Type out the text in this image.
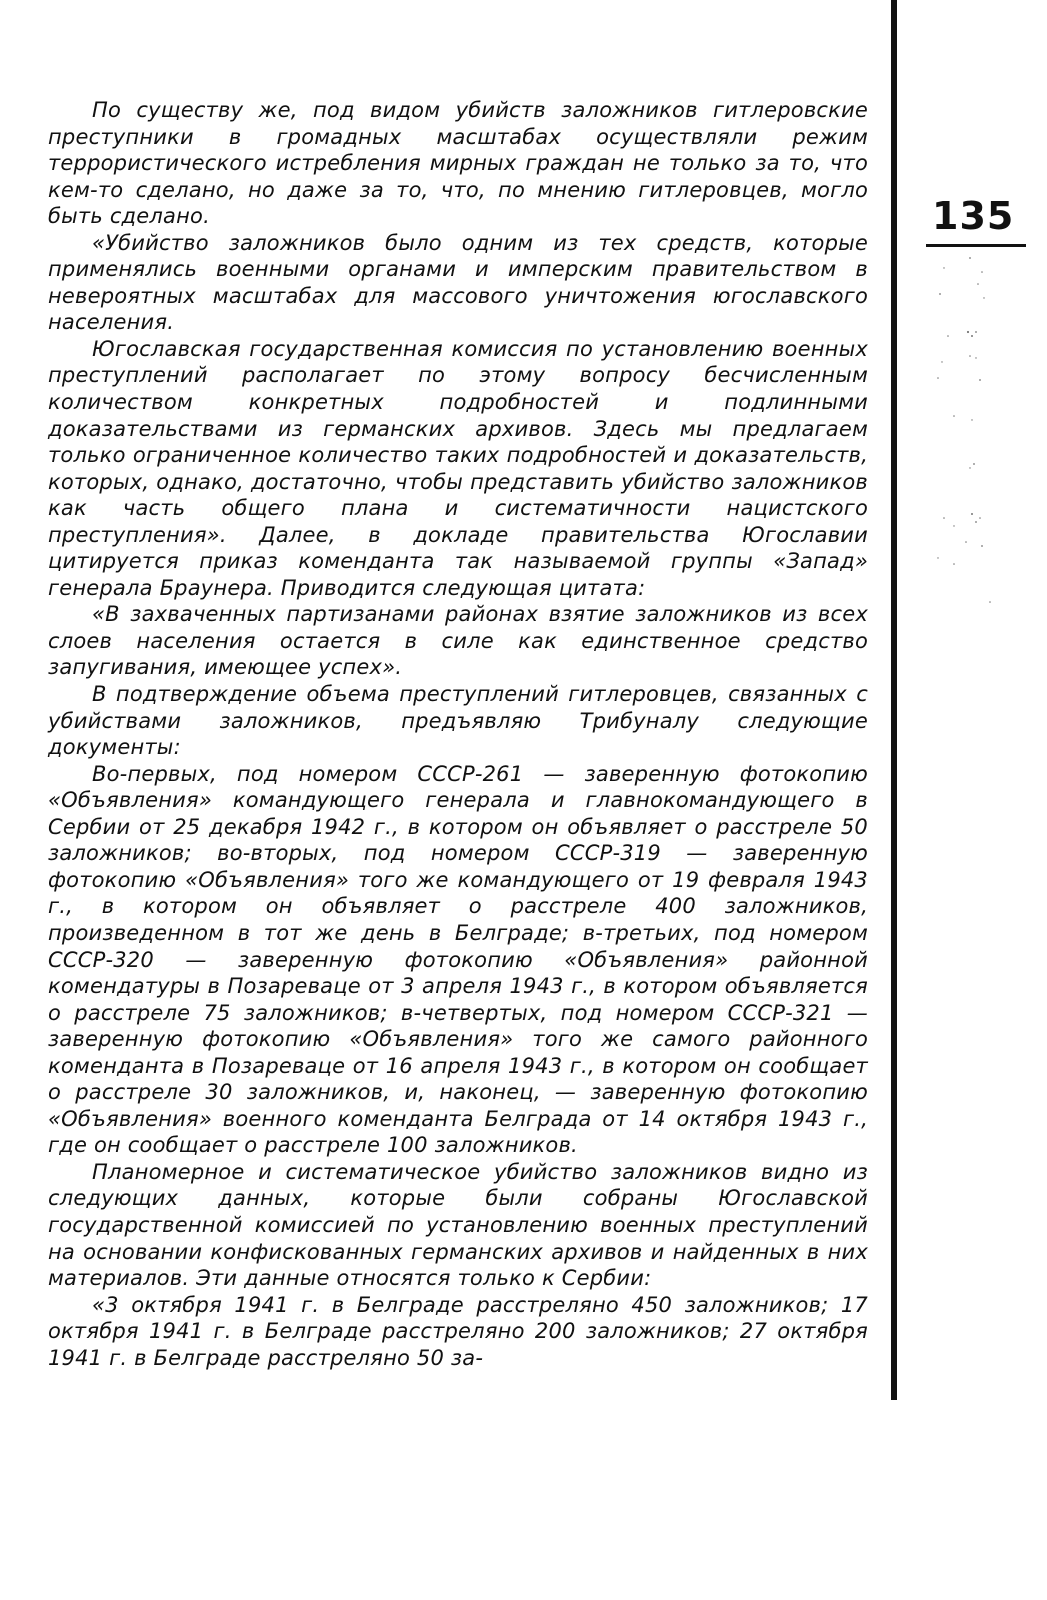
135

По существу же, под видом убийств заложников гитлеровские преступники в громадных масштабах осуществляли режим террористического истребления мирных граждан не только за то, что кем-то сделано, но даже за то, что, по мнению гитлеровцев, могло быть сделано.

«Убийство заложников было одним из тех средств, которые применялись военными органами и имперским правительством в невероятных масштабах для массового уничтожения югославского населения.

Югославская государственная комиссия по установлению военных преступлений располагает по этому вопросу бесчисленным количеством конкретных подробностей и подлинными доказательствами из германских архивов. Здесь мы предлагаем только ограниченное количество таких подробностей и доказательств, которых, однако, достаточно, чтобы представить убийство заложников как часть общего плана и систематичности нацистского преступления». Далее, в докладе правительства Югославии цитируется приказ коменданта так называемой группы «Запад» генерала Браунера. Приводится следующая цитата:

«В захваченных партизанами районах взятие заложников из всех слоев населения остается в силе как единственное средство запугивания, имеющее успех».

В подтверждение объема преступлений гитлеровцев, связанных с убийствами заложников, предъявляю Трибуналу следующие документы:

Во-первых, под номером СССР-261 — заверенную фотокопию «Объявления» командующего генерала и главнокомандующего в Сербии от 25 декабря 1942 г., в котором он объявляет о расстреле 50 заложников; во-вторых, под номером СССР-319 — заверенную фотокопию «Объявления» того же командующего от 19 февраля 1943 г., в котором он объявляет о расстреле 400 заложников, произведенном в тот же день в Белграде; в-третьих, под номером СССР-320 — заверенную фотокопию «Объявления» районной комендатуры в Позареваце от 3 апреля 1943 г., в котором объявляется о расстреле 75 заложников; в-четвертых, под номером СССР-321 — заверенную фотокопию «Объявления» того же самого районного коменданта в Позареваце от 16 апреля 1943 г., в котором он сообщает о расстреле 30 заложников, и, наконец, — заверенную фотокопию «Объявления» военного коменданта Белграда от 14 октября 1943 г., где он сообщает о расстреле 100 заложников.

Планомерное и систематическое убийство заложников видно из следующих данных, которые были собраны Югославской государственной комиссией по установлению военных преступлений на основании конфискованных германских архивов и найденных в них материалов. Эти данные относятся только к Сербии:

«3 октября 1941 г. в Белграде расстреляно 450 заложников; 17 октября 1941 г. в Белграде расстреляно 200 заложников; 27 октября 1941 г. в Белграде расстреляно 50 за-
